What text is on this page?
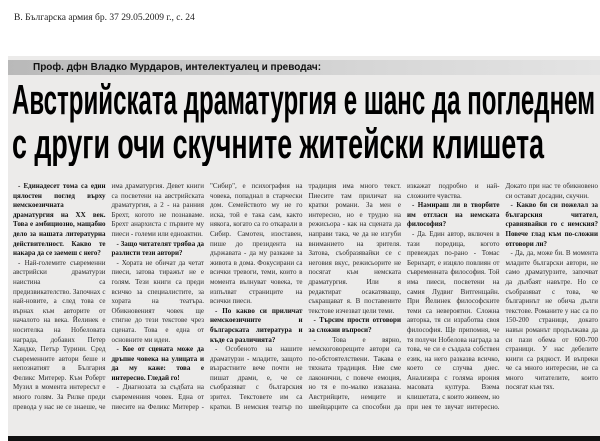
В. Българска армия бр. 37 29.05.2009 г., с. 24
Проф. дфн Владко Мурдаров, интелектуалец и преводач:
Австрийската драматургия е шанс да погледнем
с други очи скучните житейски клишета

- Единадесет тома са един цялостен поглед върху немскоезичната драматургия на ХХ век. Това е амбициозно, мащабно дело за нашата литературна действителност. Какво те накара да се заемеш с него?

- Най-големите съвременни австрийски драматурзи наистина са предизвикателство. Започнах с най-новите, а след това се върнах към авторите от началото на века. Йелинек е носителка на Нобеловата награда, добавих Петер Хандке, Петър Турини. Сред съвременните автори беше и непознатият в България Феликс Митерер. Към Роберт Музил в момента интересът е много голям. За Рилке преди превода у нас не се знаеше, че има драматургия. Девет книги са посветени на австрийската драматургия, а 2 - на ранния Брехт, когото не познаваме. Брехт анархиста с първите му пиеси - големи или едноактни.

- Защо читателят трябва да разлисти тези автори?

- Хората не обичат да четат пиеси, затова тиражът не е голям. Тези книги са преди всичко за специалистите, за хората на театъра. Обикновеният човек ще стигне до тези текстове чрез сцената. Това е една от основните ми идеи.

- Кое от сцената може да дръпне човека на улицата и да му каже: това е интересно. Гледай го!

- Диагнозата за съдбата на съвременния човек. Една от пиесите на Феликс Митерер - "Сибир", е психография на човека, попаднал в старчески дом. Семейството му не го иска, той е така сам, както някога, когато са го откарали в Сибир. Самотен, изоставен, пише до президента на държавата - да му разкаже за живота в дома. Фокусирани са всички тревоги, теми, които в момента вълнуват човека, те изпълват страниците на всички пиеси.

- По какво си приличат немскоезичните и българската литература и къде са различията?

- Особеното на нашите драматурзи - младите, защото възрастните вече почти не пишат драми, е, че се съобразяват с българския зрител. Текстовете им са кратки. В немския театър по традиция има много текст. Пиесите там приличат на кратки романи. За мен е интересно, но е трудно на режисьора - как на сцената да направи така, че да не изгуби вниманието на зрителя. Затова, съобразявайки се с неговия вкус, режисьорите не посягат към немската драматургия. Или я редактират осакатяващо, съкращават я. В поставените текстове изчезват цели теми.

- Търсим прости отговори за сложни въпроси?

- Това е вярно, немскоговорещите автори са по-обстоятелствени. Такава е тяхната традиция. Ние сме лаконични, с повече емоция, но тя е по-малко изказана. Австрийците, немците и швейцарците са способни да изкажат подробно и най-сложните чувства.

- Намираш ли в творбите им отгласи на немската философия?

- Да. Един автор, включен в тази поредица, когото превеждах по-рано - Томас Бернхарт, е изцяло повлиян от съвременната философия. Той има пиеси, посветени на самия Лудвиг Витгенщайн. При Йелинек философските теми са невероятни. Сложна авторка, тя си изработва своя философия. Ще припомня, че тя получи Нобелова награда за това, че си е създала собствен език, на него разказва всичко, което се случва днес. Анализира с голяма ирония масовата култура. Взема клишетата, с които живеем, но при нея те звучат интересно. Докато при нас те обикновено си остават досадни, скучни.

- Какво би си пожелал за българския читател, сравнявайки го с немския? Повече глад към по-сложни отговори ли?

- Да, да, може би. В момента младите български автори, не само драматурзите, започват да дълбаят навътре. Но се съобразяват с това, че българинът не обича дълги текстове. Романите у нас са по 150-200 страници, докато навън романът продължава да си пази обема от 600-700 страници. У нас дебелите книги са рядкост. И въпреки че са много интересни, не са много читателите, които посягат към тях.
